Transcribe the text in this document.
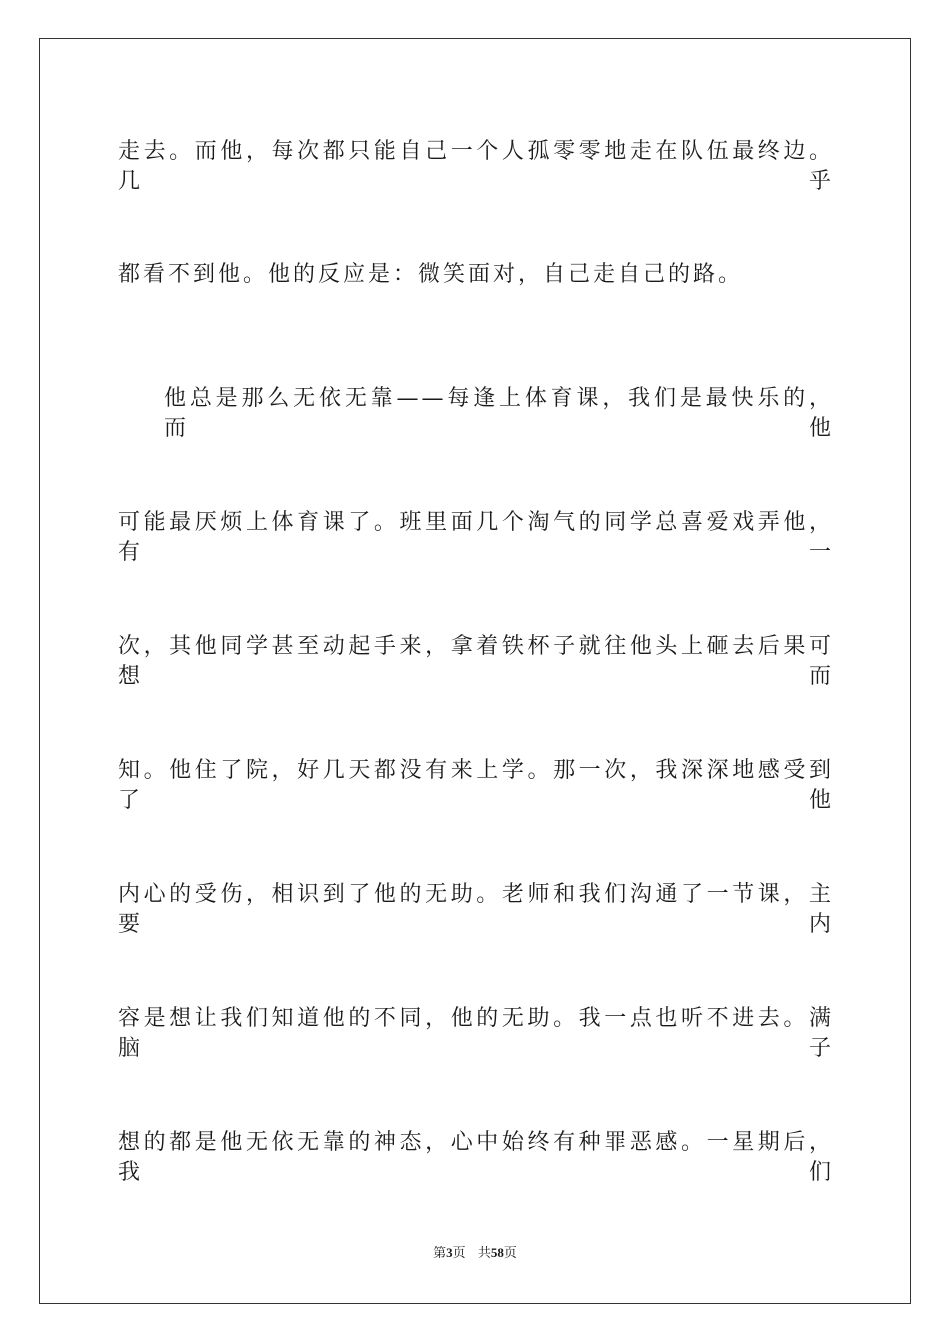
走去。而他，每次都只能自己一个人孤零零地走在队伍最终边。几乎

都看不到他。他的反应是：微笑面对，自己走自己的路。

他总是那么无依无靠——每逢上体育课，我们是最快乐的，而他

可能最厌烦上体育课了。班里面几个淘气的同学总喜爱戏弄他，有一

次，其他同学甚至动起手来，拿着铁杯子就往他头上砸去后果可想而

知。他住了院，好几天都没有来上学。那一次，我深深地感受到了他

内心的受伤，相识到了他的无助。老师和我们沟通了一节课，主要内

容是想让我们知道他的不同，他的无助。我一点也听不进去。满脑子

想的都是他无依无靠的神态，心中始终有种罪恶感。一星期后，我们

第3页 共58页
